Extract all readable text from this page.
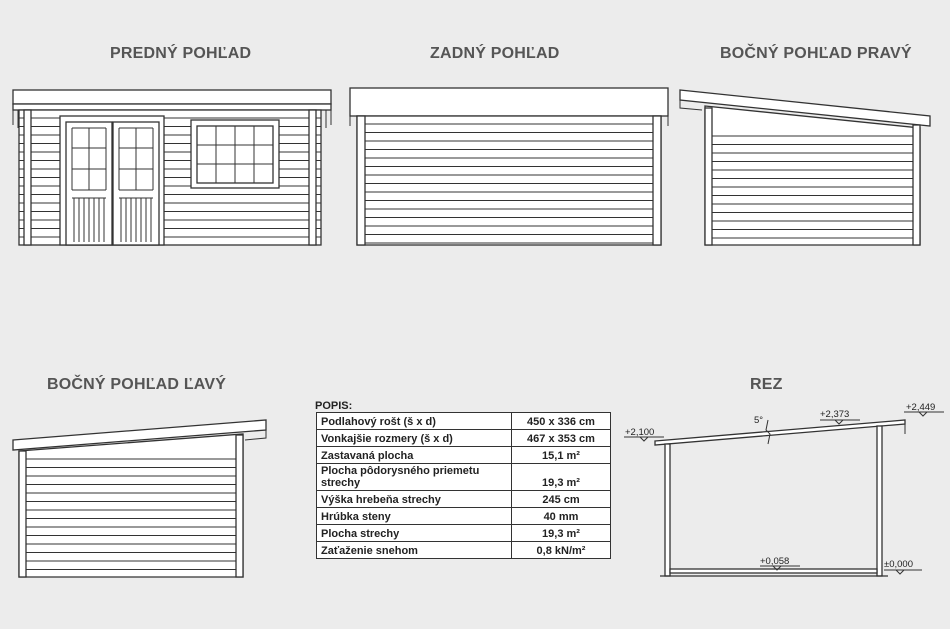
PREDNÝ POHĽAD	ZADNÝ POHĽAD	BOČNÝ POHĽAD PRAVÝ
BOČNÝ POHĽAD ĽAVÝ	REZ
+2,100
+2,373
+2,449
5°
+0,058	±0,000
POPIS:
Podlahový rošt (š x d)	450 x 336 cm
Vonkajšie rozmery (š x d)	467 x 353 cm
Zastavaná plocha	15,1 m²
Plocha pôdorysného priemetu strechy	19,3 m²
Výška hrebeňa strechy	245 cm
Hrúbka steny	40 mm
Plocha strechy	19,3 m²
Zaťaženie snehom	0,8 kN/m²
